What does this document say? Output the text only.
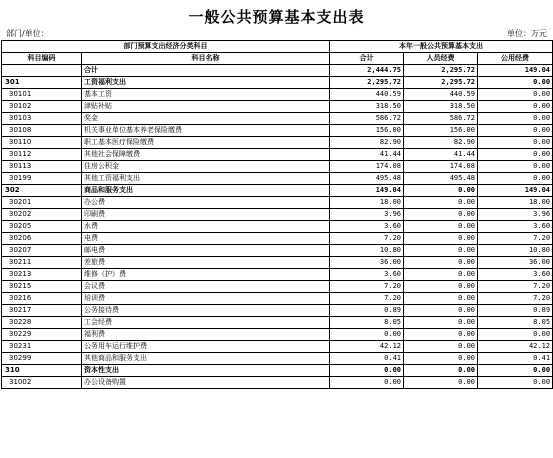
一般公共预算基本支出表
部门/单位：	单位：万元
部门预算支出经济分类科目		本年一般公共预算基本支出		
科目编码	科目名称	合计	人员经费	公用经费
	合计	2,444.75	2,295.72	149.04
301	工资福利支出	2,295.72	2,295.72	0.00
30101	基本工资	440.59	440.59	0.00
30102	津贴补贴	318.50	318.50	0.00
30103	奖金	586.72	586.72	0.00
30108	机关事业单位基本养老保险缴费	156.00	156.00	0.00
30110	职工基本医疗保险缴费	82.90	82.90	0.00
30112	其他社会保障缴费	41.44	41.44	0.00
30113	住房公积金	174.08	174.08	0.00
30199	其他工资福利支出	495.48	495.48	0.00
302	商品和服务支出	149.04	0.00	149.04
30201	办公费	18.00	0.00	18.00
30202	印刷费	3.96	0.00	3.96
30205	水费	3.60	0.00	3.60
30206	电费	7.20	0.00	7.20
30207	邮电费	10.80	0.00	10.80
30211	差旅费	36.00	0.00	36.00
30213	维修（护）费	3.60	0.00	3.60
30215	会议费	7.20	0.00	7.20
30216	培训费	7.20	0.00	7.20
30217	公务接待费	0.89	0.00	0.89
30228	工会经费	8.05	0.00	8.05
30229	福利费	0.00	0.00	0.00
30231	公务用车运行维护费	42.12	0.00	42.12
30299	其他商品和服务支出	0.41	0.00	0.41
310	资本性支出	0.00	0.00	0.00
31002	办公设备购置	0.00	0.00	0.00
